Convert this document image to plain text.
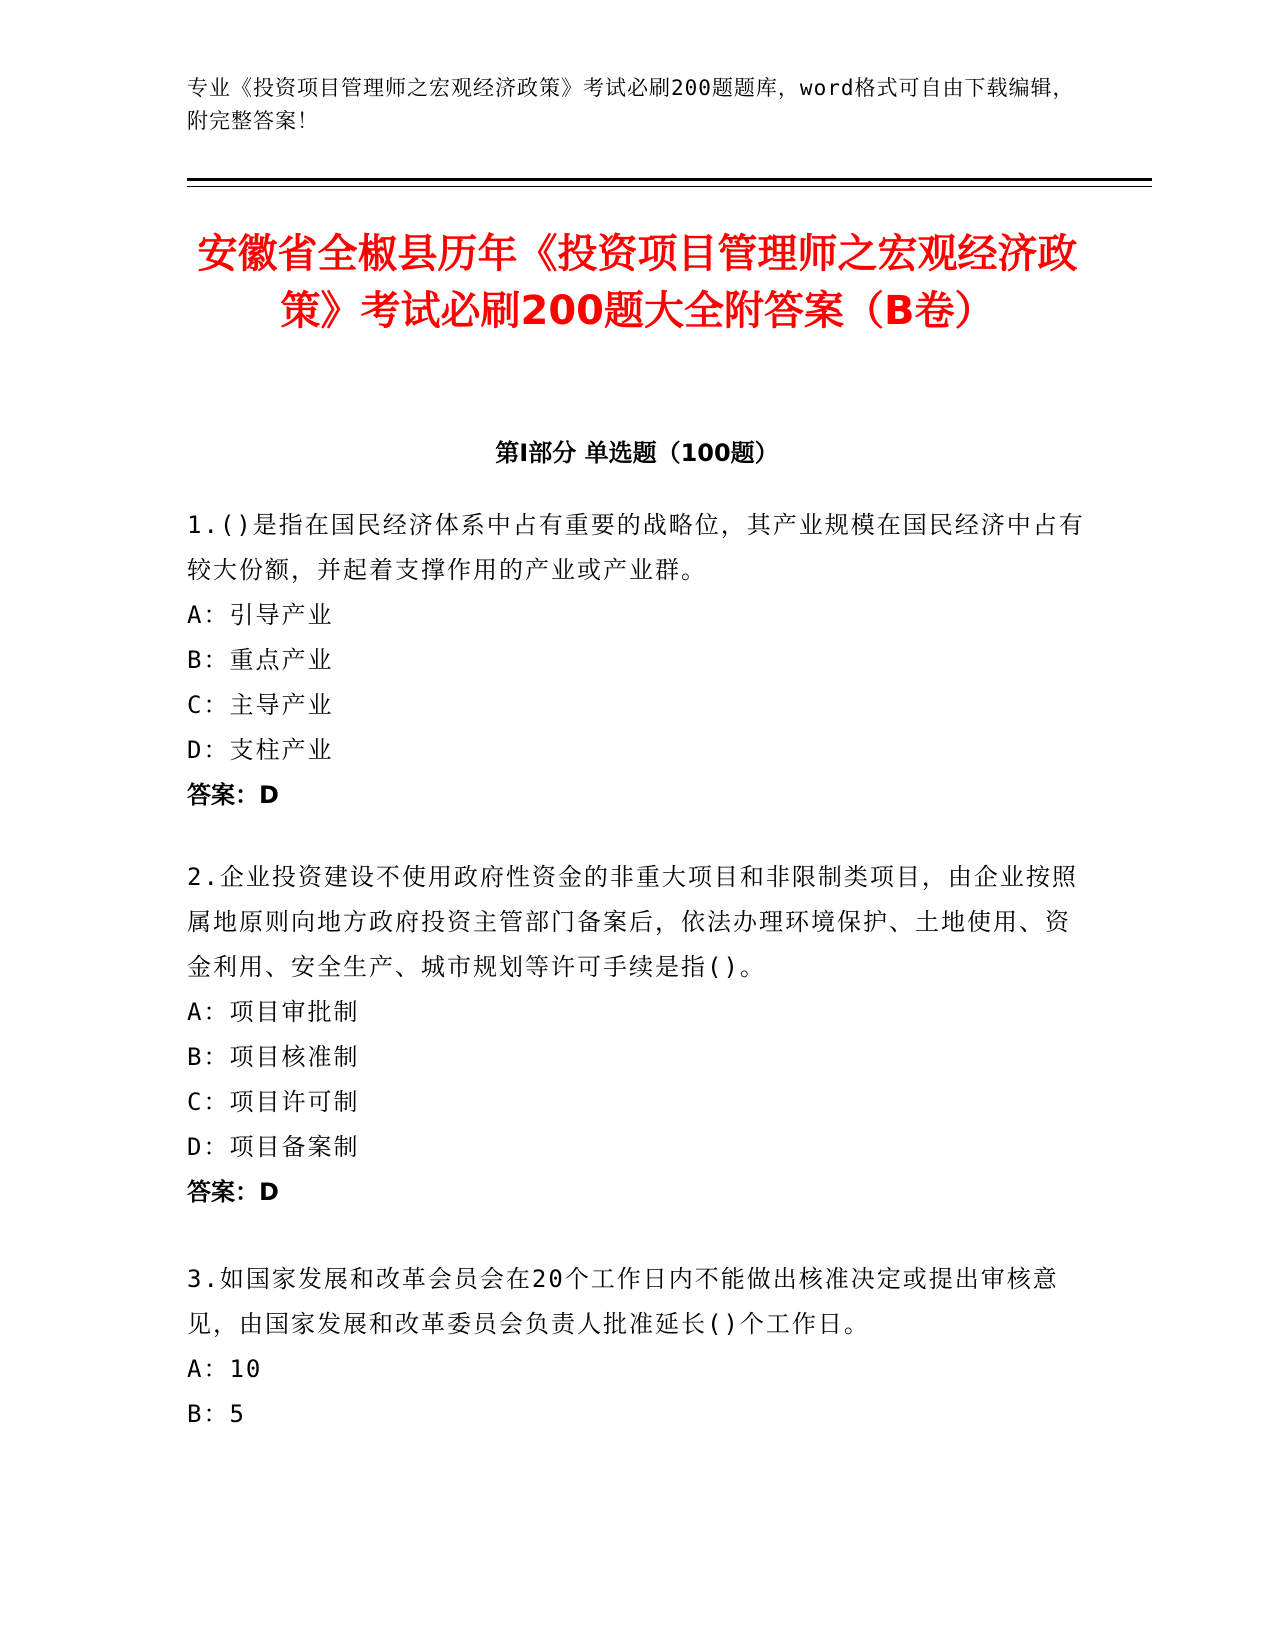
专业《投资项目管理师之宏观经济政策》考试必刷200题题库，word格式可自由下载编辑，附完整答案！
安徽省全椒县历年《投资项目管理师之宏观经济政策》考试必刷200题大全附答案（B卷）
第I部分 单选题（100题）

1.()是指在国民经济体系中占有重要的战略位，其产业规模在国民经济中占有较大份额，并起着支撑作用的产业或产业群。

A：引导产业

B：重点产业

C：主导产业

D：支柱产业

答案：D

2.企业投资建设不使用政府性资金的非重大项目和非限制类项目，由企业按照属地原则向地方政府投资主管部门备案后，依法办理环境保护、土地使用、资金利用、安全生产、城市规划等许可手续是指()。

A：项目审批制

B：项目核准制

C：项目许可制

D：项目备案制

答案：D

3.如国家发展和改革会员会在20个工作日内不能做出核准决定或提出审核意见，由国家发展和改革委员会负责人批准延长()个工作日。

A：10

B：5
